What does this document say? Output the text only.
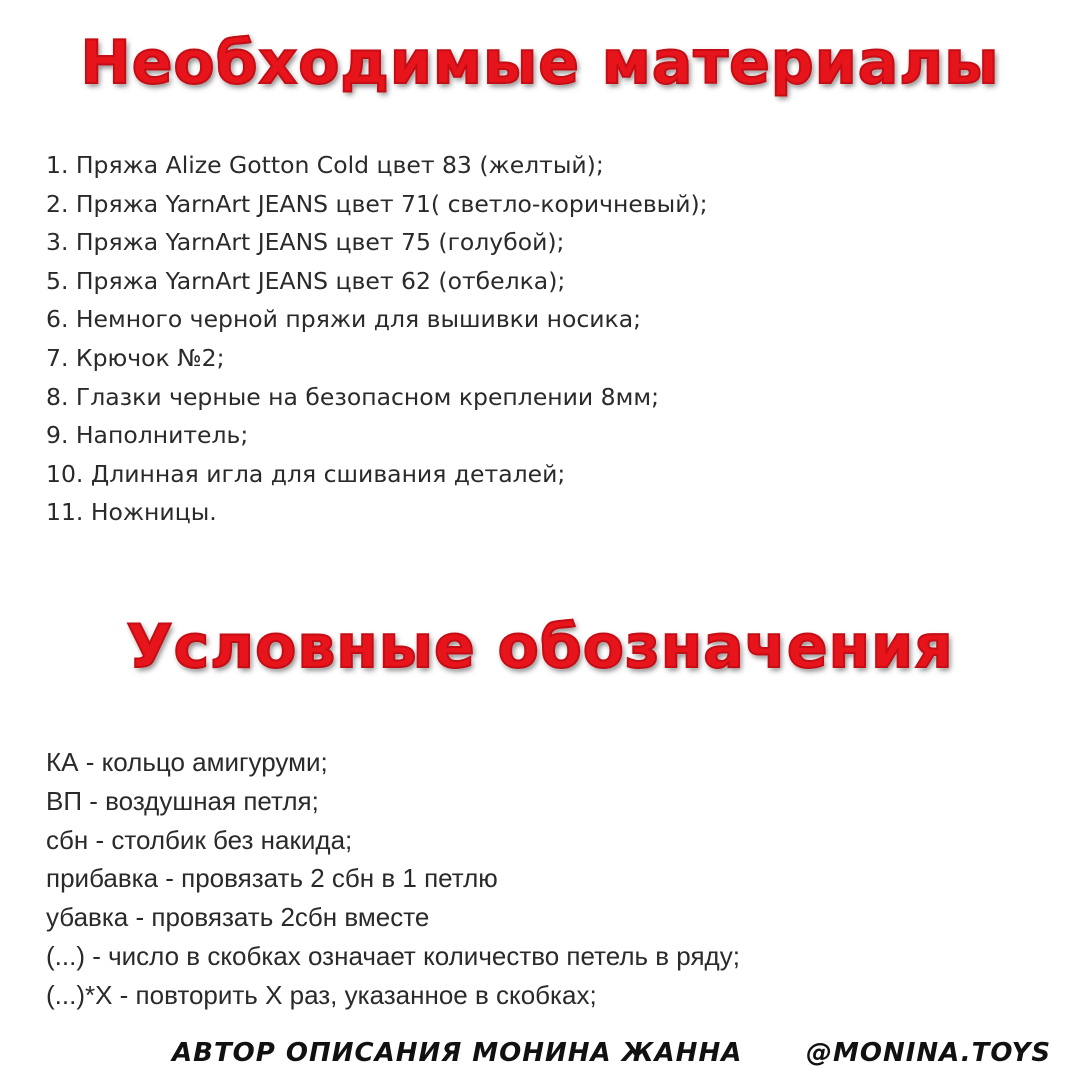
Необходимые материалы
1. Пряжа Alize Gotton Cold цвет 83 (желтый);
2. Пряжа YarnArt JEANS цвет 71( светло-коричневый);
3. Пряжа YarnArt JEANS цвет 75 (голубой);
5. Пряжа YarnArt JEANS цвет 62 (отбелка);
6. Немного черной пряжи для вышивки носика;
7. Крючок №2;
8. Глазки черные на безопасном креплении 8мм;
9. Наполнитель;
10. Длинная игла для сшивания деталей;
11. Ножницы.
Условные обозначения
КА - кольцо амигуруми;
ВП - воздушная петля;
сбн - столбик без накида;
прибавка - провязать 2 сбн в 1 петлю
убавка - провязать 2сбн вместе
(...) - число в скобках означает количество петель в ряду;
(...)*Х - повторить Х раз, указанное в скобках;
АВТОР ОПИСАНИЯ МОНИНА ЖАННА @MONINA.TOYS
